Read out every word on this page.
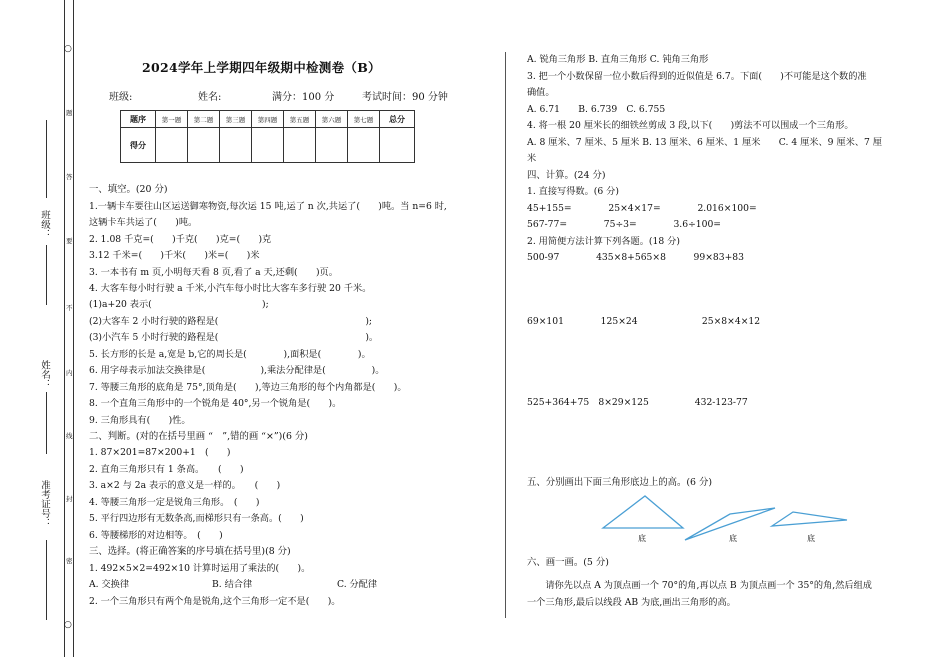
班级：
姓名：
准考证号：
○
题
答
要
不
内
线
封
密
○
2024学年上学期四年级期中检测卷（B）
班级:	姓名:	满分：100 分	考试时间：90 分钟
题序	第一题	第二题	第三题	第四题	第五题	第六题	第七题	总分
得分								
一、填空。(20 分)
1.一辆卡车要往山区运送御寒物资,每次运 15 吨,运了 n 次,共运了(　　)吨。当 n=6 时,
这辆卡车共运了(　　)吨。
2. 1.08 千克=(　　)千克(　　)克=(　　)克
3.12 千米=(　　)千米(　　)米=(　　)米
3. 一本书有 m 页,小明每天看 8 页,看了 a 天,还剩(　　)页。
4. 大客车每小时行驶 a 千米,小汽车每小时比大客车多行驶 20 千米。
(1)a+20 表示(　　　　　　　　　　　　);
(2)大客车 2 小时行驶的路程是(　　　　　　　　　　　　　　　　);
(3)小汽车 5 小时行驶的路程是(　　　　　　　　　　　　　　　　)。
5. 长方形的长是 a,宽是 b,它的周长是(　　　　),面积是(　　　　)。
6. 用字母表示加法交换律是(　　　　　　),乘法分配律是(　　　　　)。
7. 等腰三角形的底角是 75°,顶角是(　　),等边三角形的每个内角都是(　　)。
8. 一个直角三角形中的一个锐角是 40°,另一个锐角是(　　)。
9. 三角形具有(　　)性。
二、判断。(对的在括号里画 “　”,错的画 “×”)(6 分)
1. 87×201=87×200+1　(　　)
2. 直角三角形只有 1 条高。　　(　　)
3. a×2 与 2a 表示的意义是一样的。　　(　　)
4. 等腰三角形一定是锐角三角形。　(　　)
5. 平行四边形有无数条高,而梯形只有一条高。(　　)
6. 等腰梯形的对边相等。　(　　)
三、选择。(将正确答案的序号填在括号里)(8 分)
1. 492×5×2=492×10 计算时运用了乘法的(　　)。
A. 交换律	B. 结合律	C. 分配律
2. 一个三角形只有两个角是锐角,这个三角形一定不是(　　)。
A. 锐角三角形 B. 直角三角形 C. 钝角三角形
3. 把一个小数保留一位小数后得到的近似值是 6.7。下面(　　)不可能是这个数的准
确值。
A. 6.71　　B. 6.739　C. 6.755
4. 将一根 20 厘米长的细铁丝剪成 3 段,以下(　　)剪法不可以围成一个三角形。
A. 8 厘米、7 厘米、5 厘米 B. 13 厘米、6 厘米、1 厘米　　C. 4 厘米、9 厘米、7 厘
米
四、计算。(24 分)
1. 直接写得数。(6 分)
45+155=　　　　25×4×17=　　　　2.016×100=
567-77=　　　　75÷3=　　　　3.6÷100=
2. 用简便方法计算下列各题。(18 分)
500-97　　　　435×8+565×8　　　99×83+83
69×101　　　　125×24　　　　　　　25×8×4×12
525+364+75　8×29×125　　　　　432-123-77
五、分别画出下面三角形底边上的高。(6 分)
底	底	底
六、画一画。(5 分)
　　请你先以点 A 为顶点画一个 70°的角,再以点 B 为顶点画一个 35°的角,然后组成
一个三角形,最后以线段 AB 为底,画出三角形的高。
